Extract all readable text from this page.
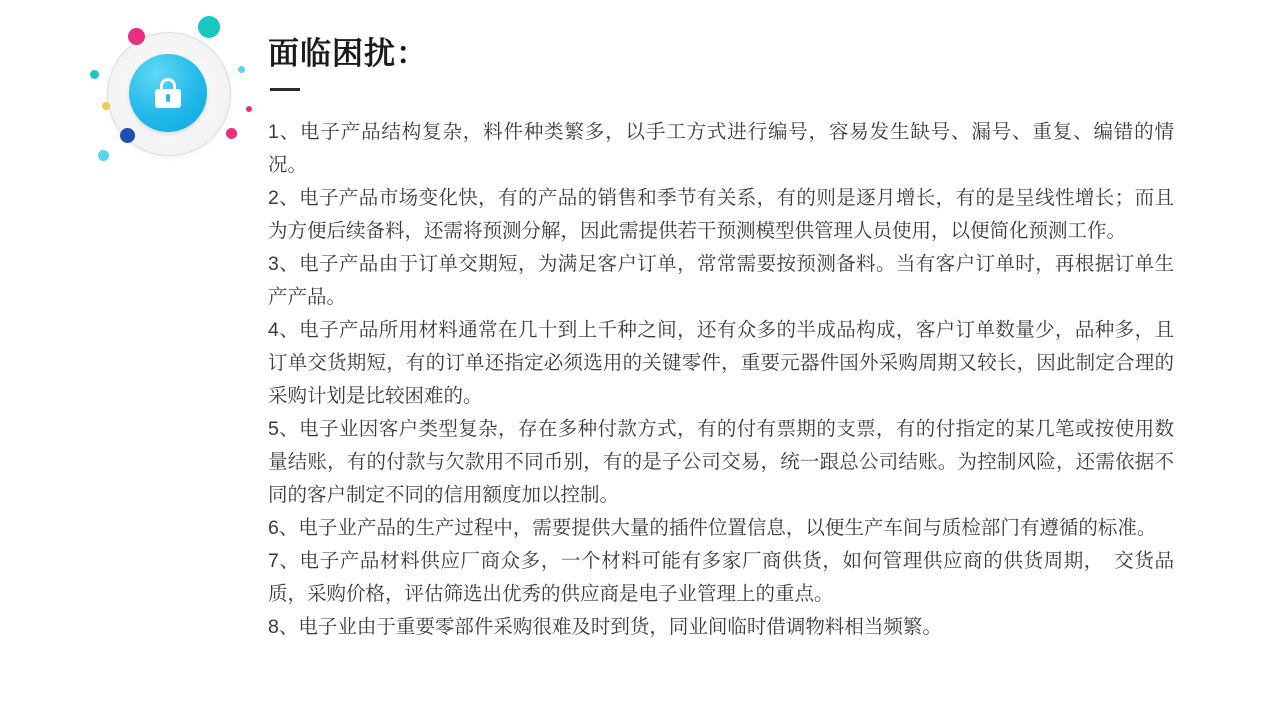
面临困扰：

1、电子产品结构复杂，料件种类繁多，以手工方式进行编号，容易发生缺号、漏号、重复、编错的情况。

2、电子产品市场变化快，有的产品的销售和季节有关系，有的则是逐月增长，有的是呈线性增长；而且为方便后续备料，还需将预测分解，因此需提供若干预测模型供管理人员使用，以便简化预测工作。

3、电子产品由于订单交期短，为满足客户订单，常常需要按预测备料。当有客户订单时，再根据订单生产产品。

4、电子产品所用材料通常在几十到上千种之间，还有众多的半成品构成，客户订单数量少，品种多，且订单交货期短，有的订单还指定必须选用的关键零件，重要元器件国外采购周期又较长，因此制定合理的采购计划是比较困难的。

5、电子业因客户类型复杂，存在多种付款方式，有的付有票期的支票，有的付指定的某几笔或按使用数量结账，有的付款与欠款用不同币别，有的是子公司交易，统一跟总公司结账。为控制风险，还需依据不同的客户制定不同的信用额度加以控制。

6、电子业产品的生产过程中，需要提供大量的插件位置信息，以便生产车间与质检部门有遵循的标准。

7、电子产品材料供应厂商众多，一个材料可能有多家厂商供货，如何管理供应商的供货周期，　交货品质，采购价格，评估筛选出优秀的供应商是电子业管理上的重点。

8、电子业由于重要零部件采购很难及时到货，同业间临时借调物料相当频繁。
